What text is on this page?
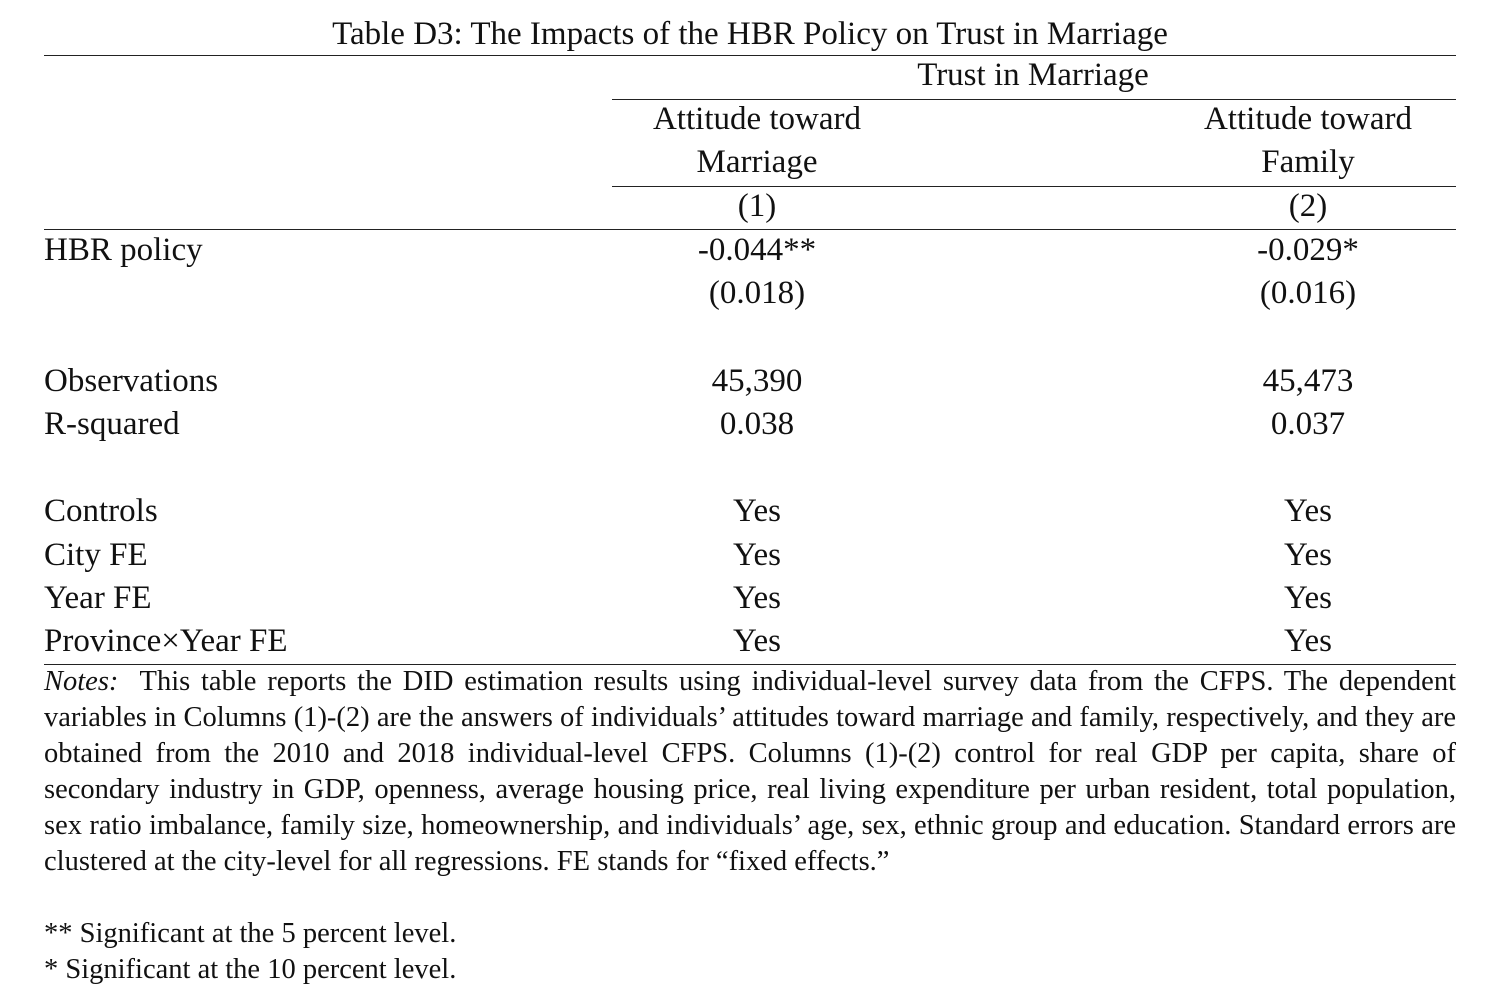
Table D3: The Impacts of the HBR Policy on Trust in Marriage
Trust in Marriage
Attitude toward
Marriage
Attitude toward
Family
(1)	(2)
HBR policy	-0.044**	-0.029*
(0.018)	(0.016)
Observations	45,390	45,473
R-squared	0.038	0.037
Controls	Yes	Yes
City FE	Yes	Yes
Year FE	Yes	Yes
Province×Year FE	Yes	Yes

Notes: This table reports the DID estimation results using individual-level survey data from the CFPS. The dependent variables in Columns (1)-(2) are the answers of individuals’ attitudes toward marriage and family, respectively, and they are obtained from the 2010 and 2018 individual-level CFPS. Columns (1)-(2) control for real GDP per capita, share of secondary industry in GDP, openness, average housing price, real living expenditure per urban resident, total population, sex ratio imbalance, family size, homeownership, and individuals’ age, sex, ethnic group and education. Standard errors are clustered at the city-level for all regressions. FE stands for “fixed effects.”

** Significant at the 5 percent level.
* Significant at the 10 percent level.
